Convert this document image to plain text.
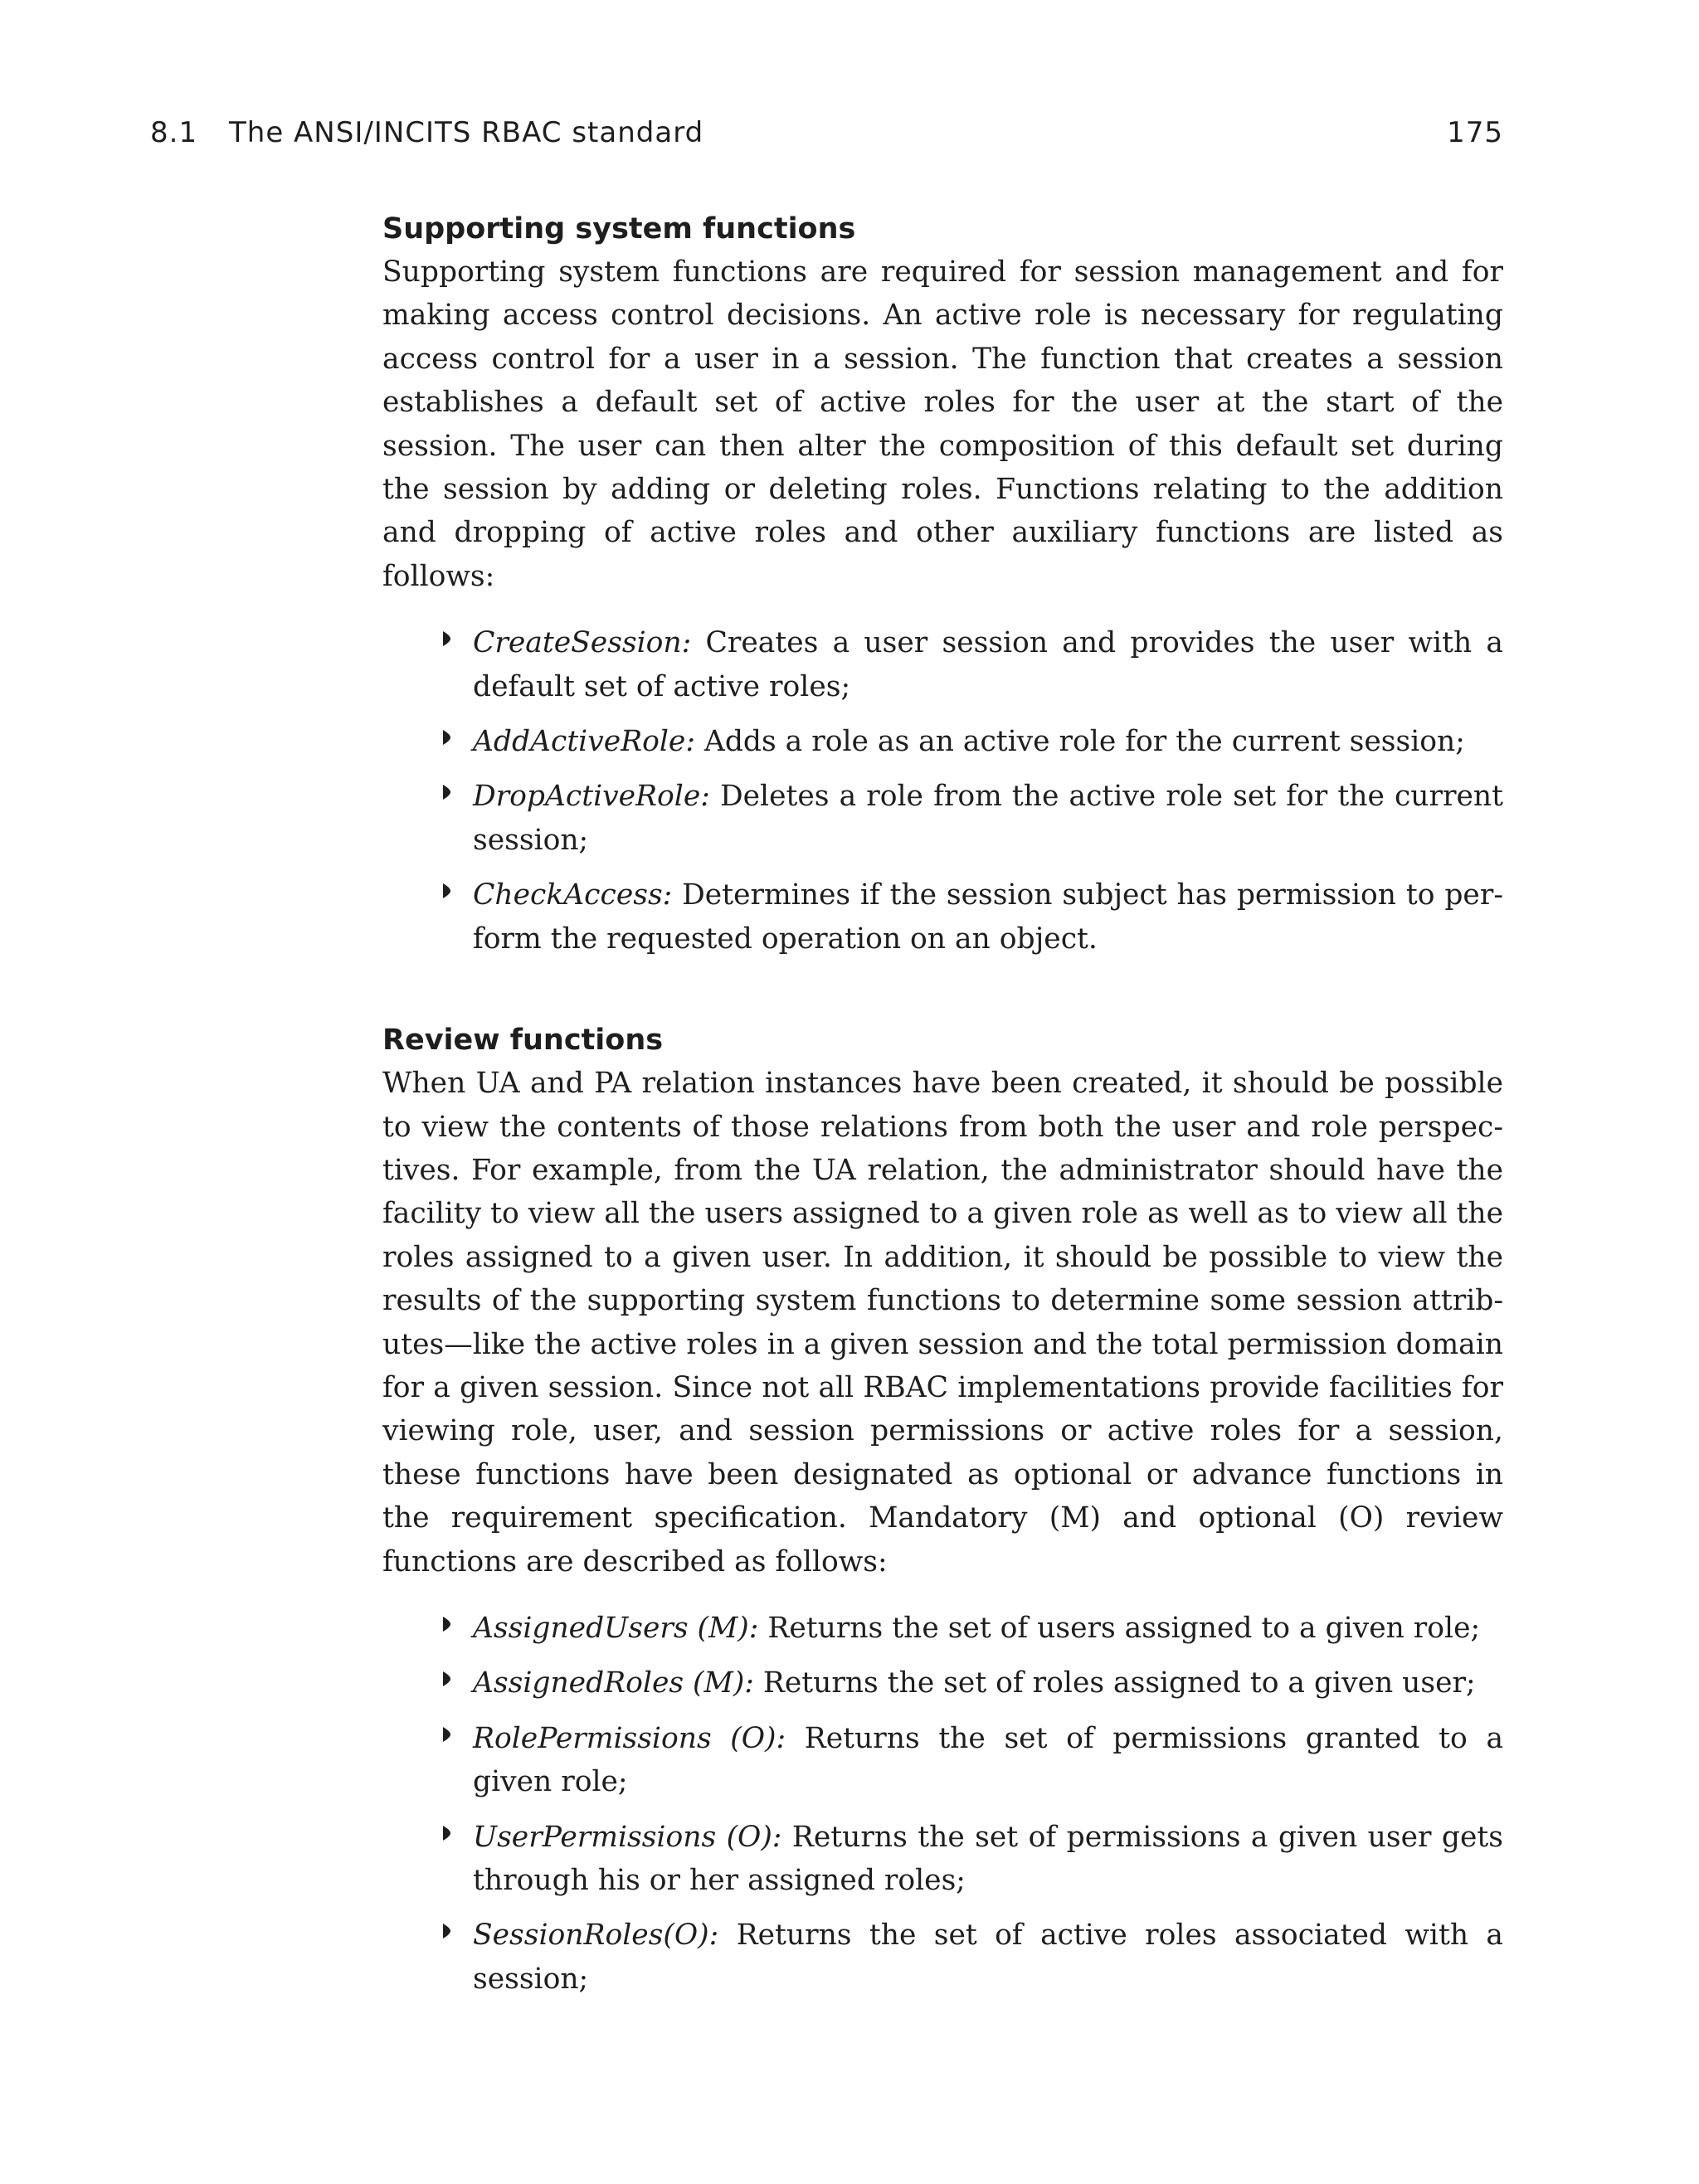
8.1 The ANSI/INCITS RBAC standard	175
Supporting system functions

Supporting system functions are required for session management and for making access control decisions. An active role is necessary for regulating access control for a user in a session. The function that creates a session establishes a default set of active roles for the user at the start of the session. The user can then alter the composition of this default set during the session by adding or deleting roles. Functions relating to the addition and dropping of active roles and other auxiliary functions are listed as follows:

CreateSession: Creates a user session and provides the user with a default set of active roles;
AddActiveRole: Adds a role as an active role for the current session;
DropActiveRole: Deletes a role from the active role set for the current session;
CheckAccess: Determines if the session subject has permission to perform the requested operation on an object.
Review functions

When UA and PA relation instances have been created, it should be possible to view the contents of those relations from both the user and role perspectives. For example, from the UA relation, the administrator should have the facility to view all the users assigned to a given role as well as to view all the roles assigned to a given user. In addition, it should be possible to view the results of the supporting system functions to determine some session attributes—like the active roles in a given session and the total permission domain for a given session. Since not all RBAC implementations provide facilities for viewing role, user, and session permissions or active roles for a session, these functions have been designated as optional or advance functions in the requirement specification. Mandatory (M) and optional (O) review functions are described as follows:

AssignedUsers (M): Returns the set of users assigned to a given role;
AssignedRoles (M): Returns the set of roles assigned to a given user;
RolePermissions (O): Returns the set of permissions granted to a given role;
UserPermissions (O): Returns the set of permissions a given user gets through his or her assigned roles;
SessionRoles(O): Returns the set of active roles associated with a session;
